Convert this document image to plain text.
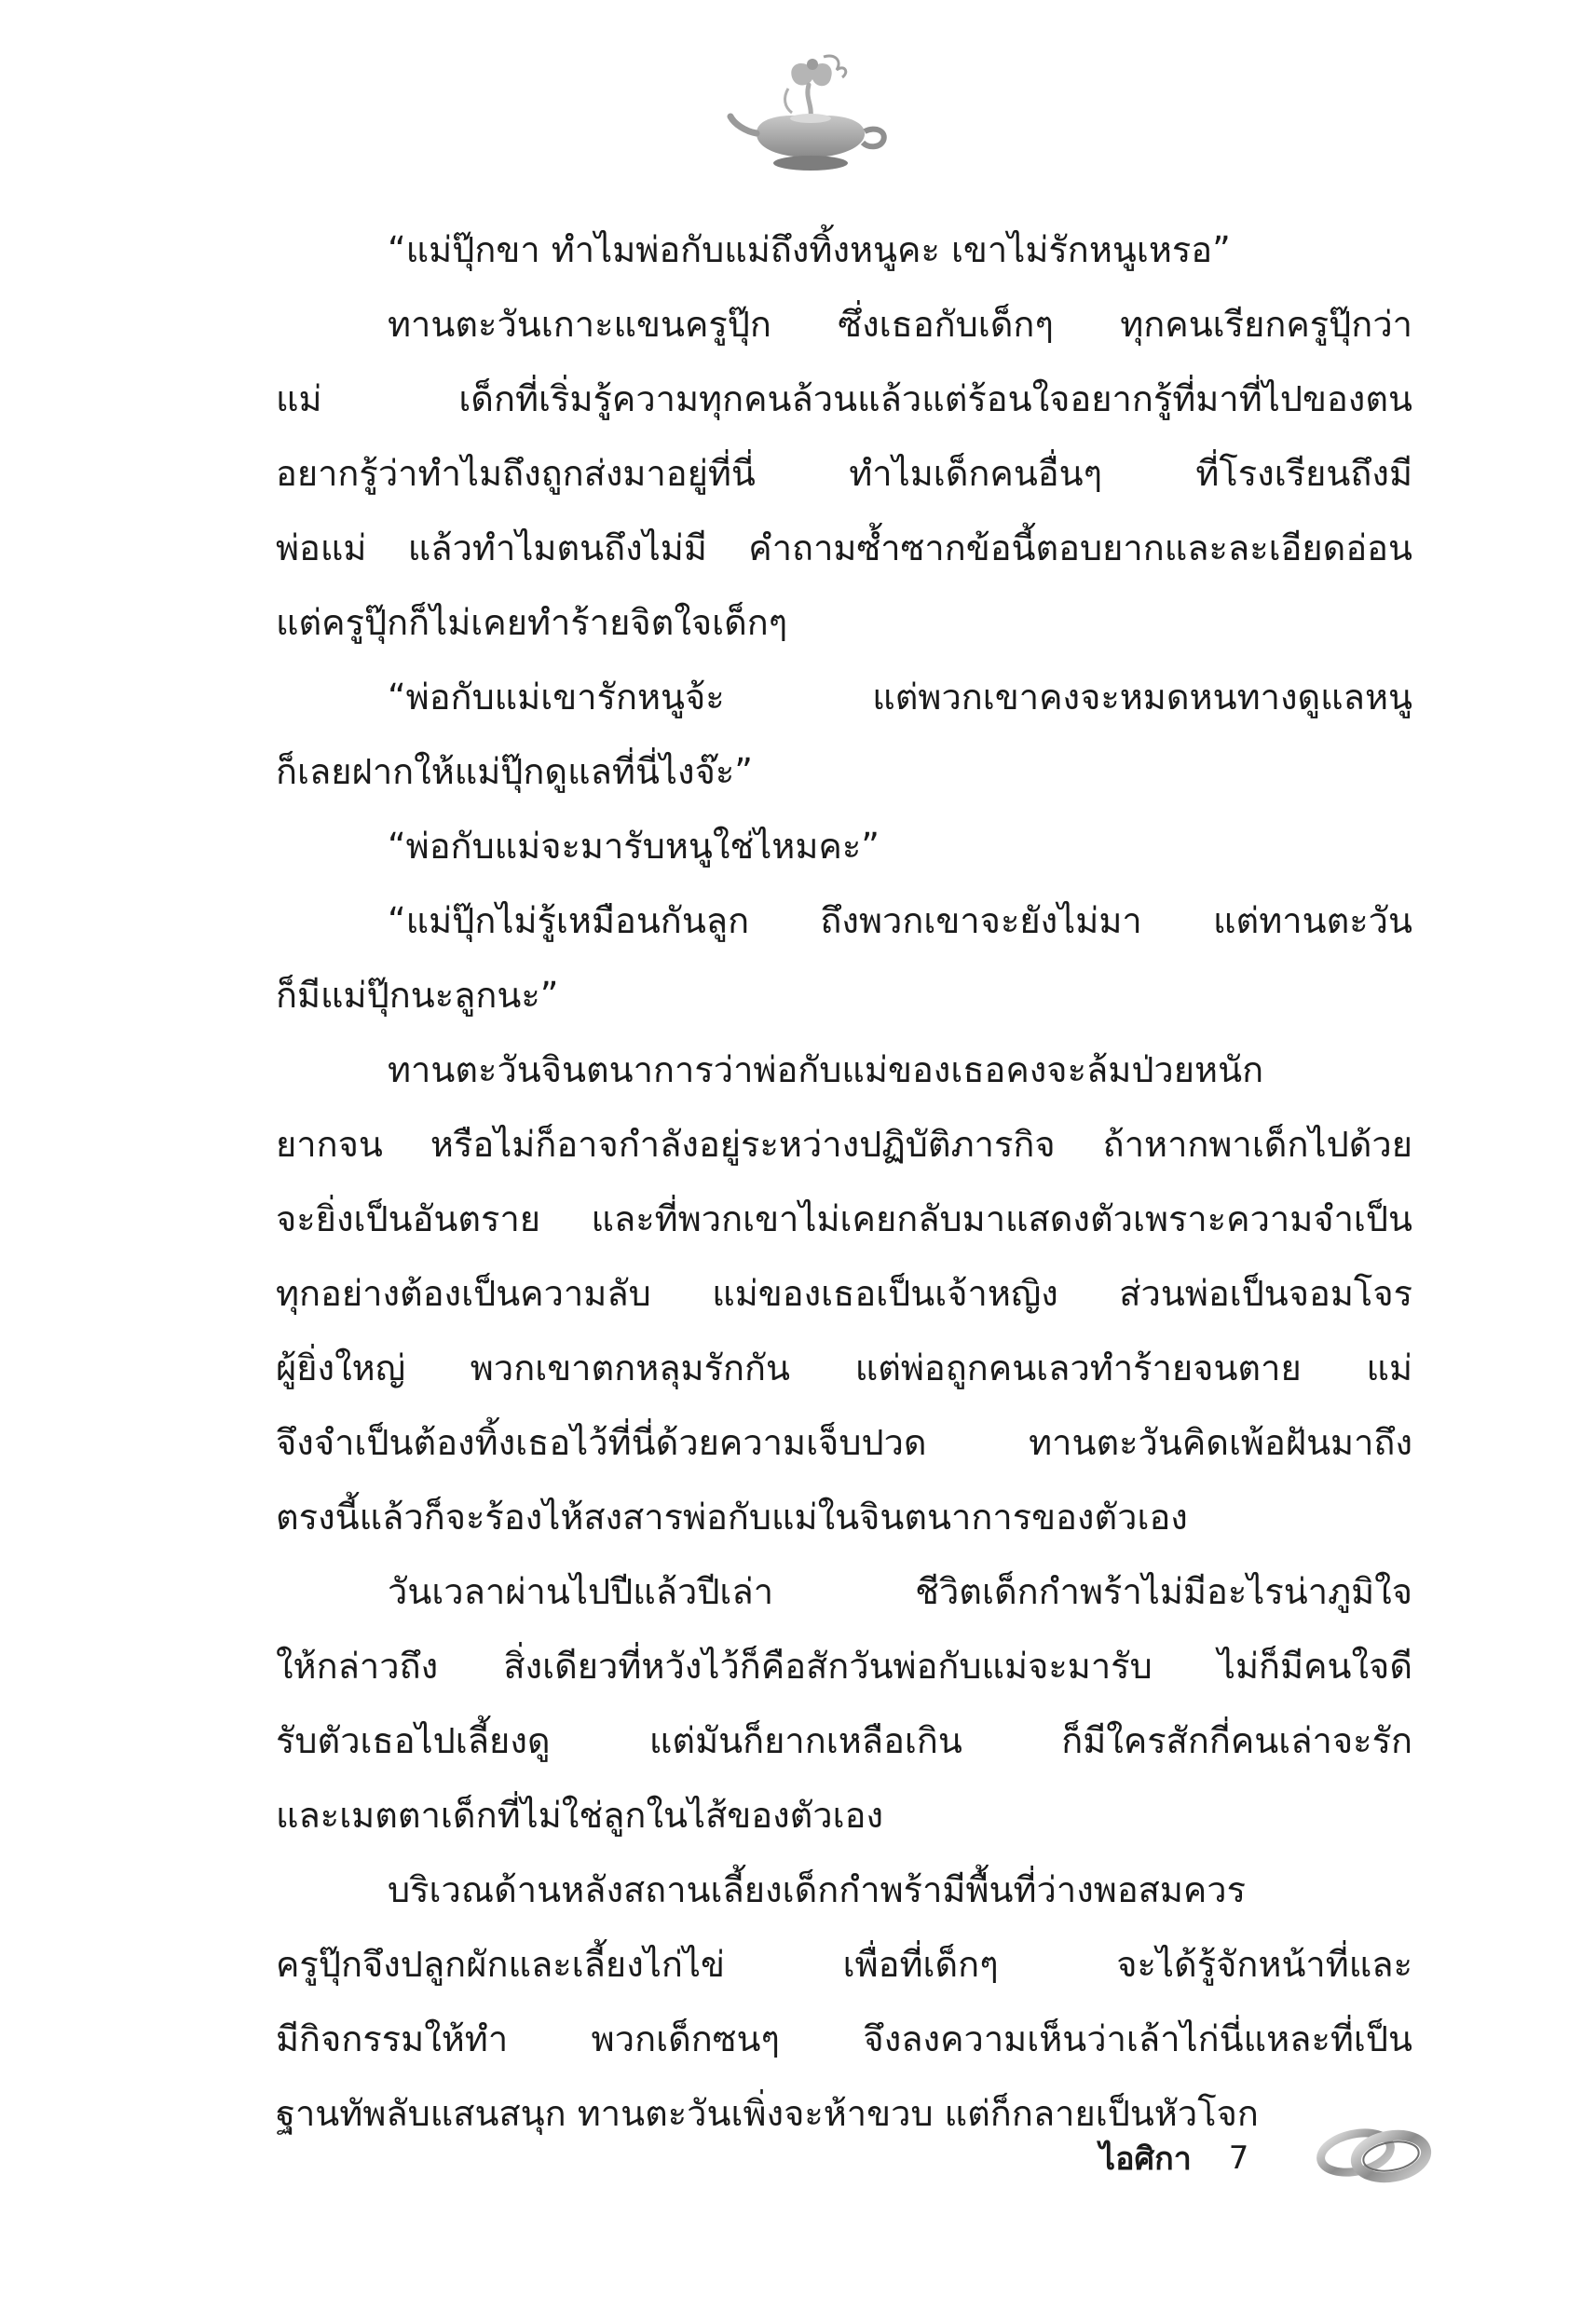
“แม่ปุ๊กขา ทำไมพ่อกับแม่ถึงทิ้งหนูคะ เขาไม่รักหนูเหรอ”
ทานตะวันเกาะแขนครูปุ๊ก ซึ่งเธอกับเด็กๆ ทุกคนเรียกครูปุ๊กว่า
แม่ เด็กที่เริ่มรู้ความทุกคนล้วนแล้วแต่ร้อนใจอยากรู้ที่มาที่ไปของตน
อยากรู้ว่าทำไมถึงถูกส่งมาอยู่ที่นี่ ทำไมเด็กคนอื่นๆ ที่โรงเรียนถึงมี
พ่อแม่ แล้วทำไมตนถึงไม่มี คำถามซ้ำซากข้อนี้ตอบยากและละเอียดอ่อน
แต่ครูปุ๊กก็ไม่เคยทำร้ายจิตใจเด็กๆ
“พ่อกับแม่เขารักหนูจ้ะ แต่พวกเขาคงจะหมดหนทางดูแลหนู
ก็เลยฝากให้แม่ปุ๊กดูแลที่นี่ไงจ๊ะ”
“พ่อกับแม่จะมารับหนูใช่ไหมคะ”
“แม่ปุ๊กไม่รู้เหมือนกันลูก ถึงพวกเขาจะยังไม่มา แต่ทานตะวัน
ก็มีแม่ปุ๊กนะลูกนะ”
ทานตะวันจินตนาการว่าพ่อกับแม่ของเธอคงจะล้มป่วยหนัก
ยากจน หรือไม่ก็อาจกำลังอยู่ระหว่างปฏิบัติภารกิจ ถ้าหากพาเด็กไปด้วย
จะยิ่งเป็นอันตราย และที่พวกเขาไม่เคยกลับมาแสดงตัวเพราะความจำเป็น
ทุกอย่างต้องเป็นความลับ แม่ของเธอเป็นเจ้าหญิง ส่วนพ่อเป็นจอมโจร
ผู้ยิ่งใหญ่ พวกเขาตกหลุมรักกัน แต่พ่อถูกคนเลวทำร้ายจนตาย แม่
จึงจำเป็นต้องทิ้งเธอไว้ที่นี่ด้วยความเจ็บปวด ทานตะวันคิดเพ้อฝันมาถึง
ตรงนี้แล้วก็จะร้องไห้สงสารพ่อกับแม่ในจินตนาการของตัวเอง
วันเวลาผ่านไปปีแล้วปีเล่า ชีวิตเด็กกำพร้าไม่มีอะไรน่าภูมิใจ
ให้กล่าวถึง สิ่งเดียวที่หวังไว้ก็คือสักวันพ่อกับแม่จะมารับ ไม่ก็มีคนใจดี
รับตัวเธอไปเลี้ยงดู แต่มันก็ยากเหลือเกิน ก็มีใครสักกี่คนเล่าจะรัก
และเมตตาเด็กที่ไม่ใช่ลูกในไส้ของตัวเอง
บริเวณด้านหลังสถานเลี้ยงเด็กกำพร้ามีพื้นที่ว่างพอสมควร
ครูปุ๊กจึงปลูกผักและเลี้ยงไก่ไข่ เพื่อที่เด็กๆ จะได้รู้จักหน้าที่และ
มีกิจกรรมให้ทำ พวกเด็กซนๆ จึงลงความเห็นว่าเล้าไก่นี่แหละที่เป็น
ฐานทัพลับแสนสนุก ทานตะวันเพิ่งจะห้าขวบ แต่ก็กลายเป็นหัวโจก
ไอศิกา 7
